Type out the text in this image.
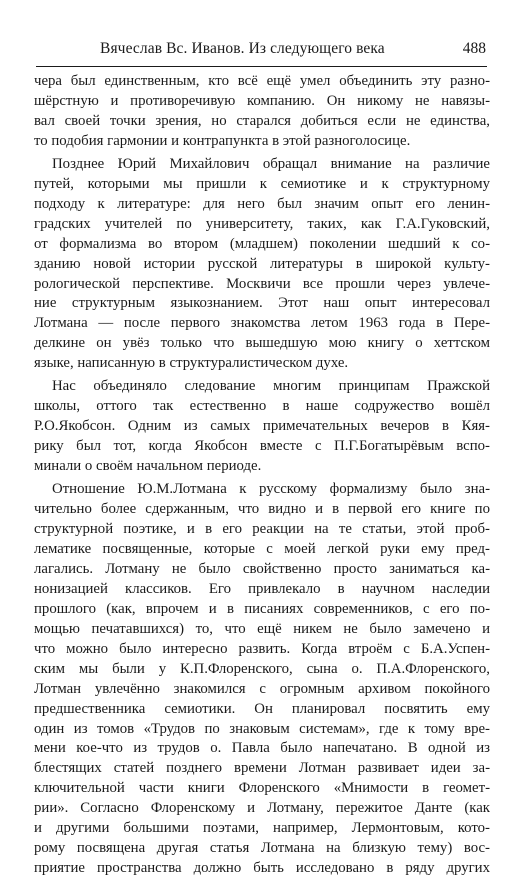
Вячеслав Вс. Иванов. Из следующего века	488
чера был единственным, кто всё ещё умел объединить эту разно-
шёрстную и противоречивую компанию. Он никому не навязы-
вал своей точки зрения, но старался добиться если не единства,
то подобия гармонии и контрапункта в этой разноголосице.
Позднее Юрий Михайлович обращал внимание на различие
путей, которыми мы пришли к семиотике и к структурному
подходу к литературе: для него был значим опыт его ленин-
градских учителей по университету, таких, как Г.А.Гуковский,
от формализма во втором (младшем) поколении шедший к со-
зданию новой истории русской литературы в широкой культу-
рологической перспективе. Москвичи все прошли через увлече-
ние структурным языкознанием. Этот наш опыт интересовал
Лотмана — после первого знакомства летом 1963 года в Пере-
делкине он увёз только что вышедшую мою книгу о хеттском
языке, написанную в структуралистическом духе.
Нас объединяло следование многим принципам Пражской
школы, оттого так естественно в наше содружество вошёл
Р.О.Якобсон. Одним из самых примечательных вечеров в Кяя-
рику был тот, когда Якобсон вместе с П.Г.Богатырёвым вспо-
минали о своём начальном периоде.
Отношение Ю.М.Лотмана к русскому формализму было зна-
чительно более сдержанным, что видно и в первой его книге по
структурной поэтике, и в его реакции на те статьи, этой проб-
лематике посвященные, которые с моей легкой руки ему пред-
лагались. Лотману не было свойственно просто заниматься ка-
нонизацией классиков. Его привлекало в научном наследии
прошлого (как, впрочем и в писаниях современников, с его по-
мощью печатавшихся) то, что ещё никем не было замечено и
что можно было интересно развить. Когда втроём с Б.А.Успен-
ским мы были у К.П.Флоренского, сына о. П.А.Флоренского,
Лотман увлечённо знакомился с огромным архивом покойного
предшественника семиотики. Он планировал посвятить ему
один из томов «Трудов по знаковым системам», где к тому вре-
мени кое-что из трудов о. Павла было напечатано. В одной из
блестящих статей позднего времени Лотман развивает идеи за-
ключительной части книги Флоренского «Мнимости в геомет-
рии». Согласно Флоренскому и Лотману, пережитое Данте (как
и другими большими поэтами, например, Лермонтовым, кото-
рому посвящена другая статья Лотмана на близкую тему) вос-
приятие пространства должно быть исследовано в ряду других
